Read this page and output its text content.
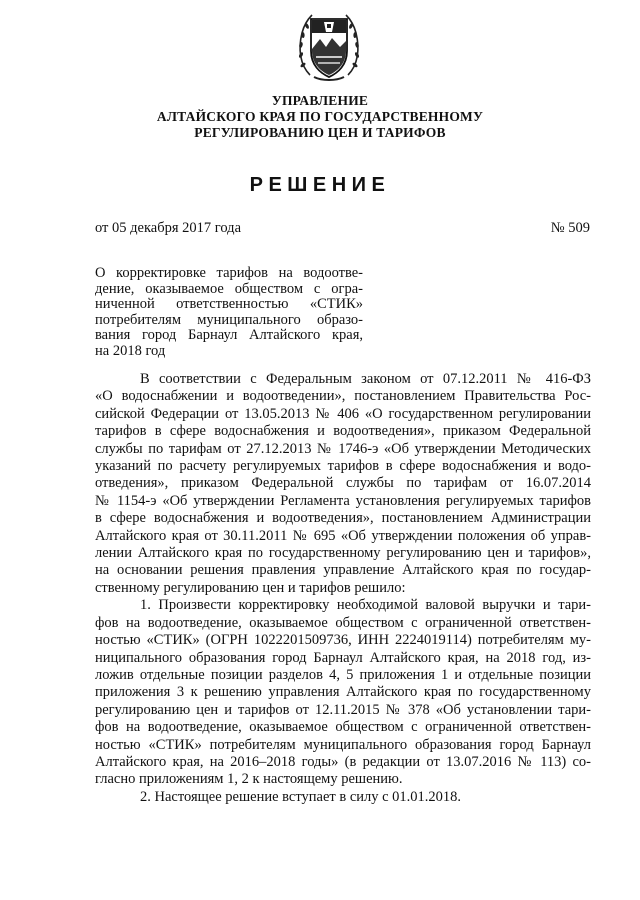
УПРАВЛЕНИЕ
АЛТАЙСКОГО КРАЯ ПО ГОСУДАРСТВЕННОМУ
РЕГУЛИРОВАНИЮ ЦЕН И ТАРИФОВ
РЕШЕНИЕ
от 05 декабря 2017 года	№ 509
О корректировке тарифов на водоотве-
дение, оказываемое обществом с огра-
ниченной ответственностью «СТИК»
потребителям муниципального образо-
вания город Барнаул Алтайского края,
на 2018 год
В соответствии с Федеральным законом от 07.12.2011 № 416-ФЗ
«О водоснабжении и водоотведении», постановлением Правительства Рос-
сийской Федерации от 13.05.2013 № 406 «О государственном регулировании
тарифов в сфере водоснабжения и водоотведения», приказом Федеральной
службы по тарифам от 27.12.2013 № 1746-э «Об утверждении Методических
указаний по расчету регулируемых тарифов в сфере водоснабжения и водо-
отведения», приказом Федеральной службы по тарифам от 16.07.2014
№ 1154-э «Об утверждении Регламента установления регулируемых тарифов
в сфере водоснабжения и водоотведения», постановлением Администрации
Алтайского края от 30.11.2011 № 695 «Об утверждении положения об управ-
лении Алтайского края по государственному регулированию цен и тарифов»,
на основании решения правления управление Алтайского края по государ-
ственному регулированию цен и тарифов решило:
1. Произвести корректировку необходимой валовой выручки и тари-
фов на водоотведение, оказываемое обществом с ограниченной ответствен-
ностью «СТИК» (ОГРН 1022201509736, ИНН 2224019114) потребителям му-
ниципального образования город Барнаул Алтайского края, на 2018 год, из-
ложив отдельные позиции разделов 4, 5 приложения 1 и отдельные позиции
приложения 3 к решению управления Алтайского края по государственному
регулированию цен и тарифов от 12.11.2015 № 378 «Об установлении тари-
фов на водоотведение, оказываемое обществом с ограниченной ответствен-
ностью «СТИК» потребителям муниципального образования город Барнаул
Алтайского края, на 2016–2018 годы» (в редакции от 13.07.2016 № 113) со-
гласно приложениям 1, 2 к настоящему решению.
2. Настоящее решение вступает в силу с 01.01.2018.
